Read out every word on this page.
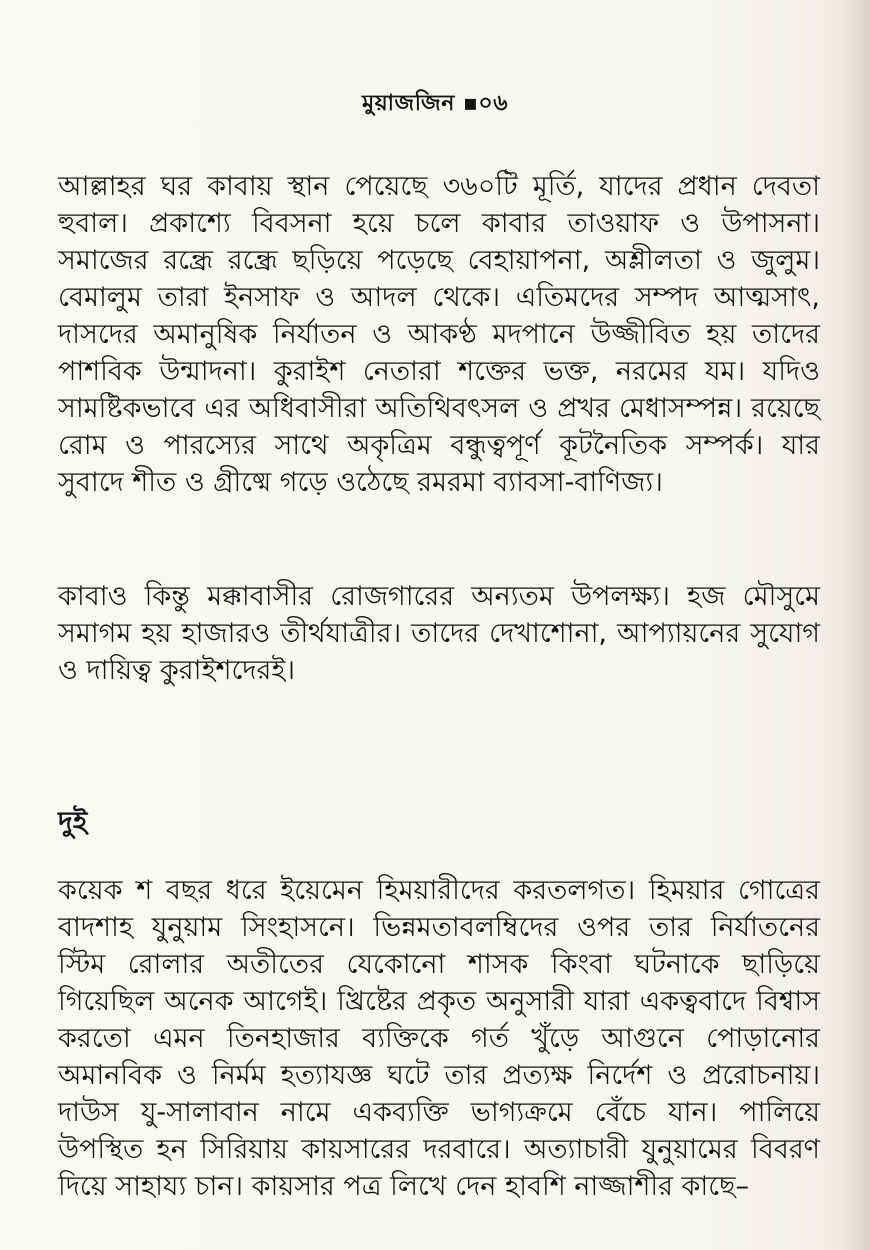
মুয়াজজিন ▪০৬
আল্লাহর ঘর কাবায় স্থান পেয়েছে ৩৬০টি মূর্তি, যাদের প্রধান দেবতা
হুবাল। প্রকাশ্যে বিবসনা হয়ে চলে কাবার তাওয়াফ ও উপাসনা।
সমাজের রন্ধ্রে রন্ধ্রে ছড়িয়ে পড়েছে বেহায়াপনা, অশ্লীলতা ও জুলুম।
বেমালুম তারা ইনসাফ ও আদল থেকে। এতিমদের সম্পদ আত্মসাৎ,
দাসদের অমানুষিক নির্যাতন ও আকণ্ঠ মদপানে উজ্জীবিত হয় তাদের
পাশবিক উন্মাদনা। কুরাইশ নেতারা শক্তের ভক্ত, নরমের যম। যদিও
সামষ্টিকভাবে এর অধিবাসীরা অতিথিবৎসল ও প্রখর মেধাসম্পন্ন। রয়েছে
রোম ও পারস্যের সাথে অকৃত্রিম বন্ধুত্বপূর্ণ কূটনৈতিক সম্পর্ক। যার
সুবাদে শীত ও গ্রীষ্মে গড়ে ওঠেছে রমরমা ব্যাবসা-বাণিজ্য।
কাবাও কিন্তু মক্কাবাসীর রোজগারের অন্যতম উপলক্ষ্য। হজ মৌসুমে
সমাগম হয় হাজারও তীর্থযাত্রীর। তাদের দেখাশোনা, আপ্যায়নের সুযোগ
ও দায়িত্ব কুরাইশদেরই।
দুই
কয়েক শ বছর ধরে ইয়েমেন হিময়ারীদের করতলগত। হিময়ার গোত্রের
বাদশাহ যুনুয়াম সিংহাসনে। ভিন্নমতাবলম্বিদের ওপর তার নির্যাতনের
স্টিম রোলার অতীতের যেকোনো শাসক কিংবা ঘটনাকে ছাড়িয়ে
গিয়েছিল অনেক আগেই। খ্রিষ্টের প্রকৃত অনুসারী যারা একত্ববাদে বিশ্বাস
করতো এমন তিনহাজার ব্যক্তিকে গর্ত খুঁড়ে আগুনে পোড়ানোর
অমানবিক ও নির্মম হত্যাযজ্ঞ ঘটে তার প্রত্যক্ষ নির্দেশ ও প্ররোচনায়।
দাউস যু-সালাবান নামে একব্যক্তি ভাগ্যক্রমে বেঁচে যান। পালিয়ে
উপস্থিত হন সিরিয়ায় কায়সারের দরবারে। অত্যাচারী যুনুয়ামের বিবরণ
দিয়ে সাহায্য চান। কায়সার পত্র লিখে দেন হাবশি নাজ্জাশীর কাছে–
